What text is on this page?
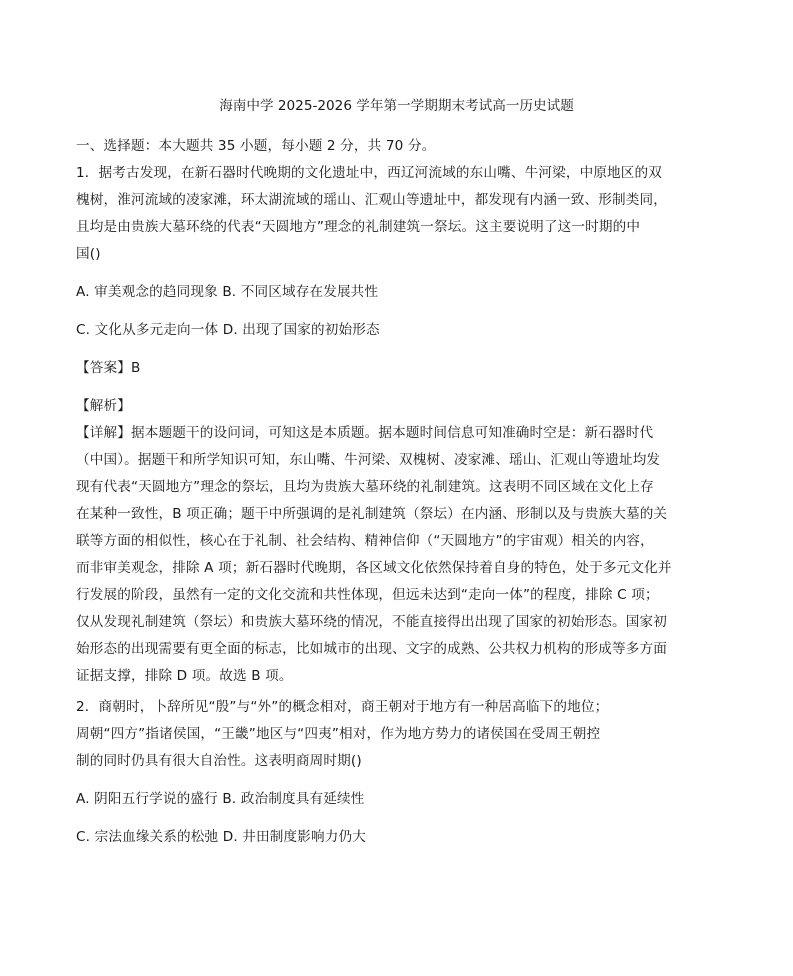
海南中学 2025-2026 学年第一学期期末考试高一历史试题
一、选择题：本大题共 35 小题，每小题 2 分，共 70 分。
1．据考古发现，在新石器时代晚期的文化遗址中，西辽河流域的东山嘴、牛河梁，中原地区的双
槐树，淮河流域的凌家滩，环太湖流域的瑶山、汇观山等遗址中，都发现有内涵一致、形制类同，
且均是由贵族大墓环绕的代表“天圆地方”理念的礼制建筑一祭坛。这主要说明了这一时期的中
国()
A. 审美观念的趋同现象 B. 不同区域存在发展共性
C. 文化从多元走向一体 D. 出现了国家的初始形态
【答案】B
【解析】
【详解】据本题题干的设问词，可知这是本质题。据本题时间信息可知准确时空是：新石器时代
（中国）。据题干和所学知识可知，东山嘴、牛河梁、双槐树、凌家滩、瑶山、汇观山等遗址均发
现有代表“天圆地方”理念的祭坛，且均为贵族大墓环绕的礼制建筑。这表明不同区域在文化上存
在某种一致性，B 项正确；题干中所强调的是礼制建筑（祭坛）在内涵、形制以及与贵族大墓的关
联等方面的相似性，核心在于礼制、社会结构、精神信仰（“天圆地方”的宇宙观）相关的内容，
而非审美观念，排除 A 项；新石器时代晚期，各区域文化依然保持着自身的特色，处于多元文化并
行发展的阶段，虽然有一定的文化交流和共性体现，但远未达到“走向一体”的程度，排除 C 项；
仅从发现礼制建筑（祭坛）和贵族大墓环绕的情况，不能直接得出出现了国家的初始形态。国家初
始形态的出现需要有更全面的标志，比如城市的出现、文字的成熟、公共权力机构的形成等多方面
证据支撑，排除 D 项。故选 B 项。
2．商朝时，卜辞所见“殷”与“外”的概念相对，商王朝对于地方有一种居高临下的地位；
周朝“四方”指诸侯国，“王畿”地区与“四夷”相对，作为地方势力的诸侯国在受周王朝控
制的同时仍具有很大自治性。这表明商周时期()
A. 阴阳五行学说的盛行 B. 政治制度具有延续性
C. 宗法血缘关系的松弛 D. 井田制度影响力仍大
